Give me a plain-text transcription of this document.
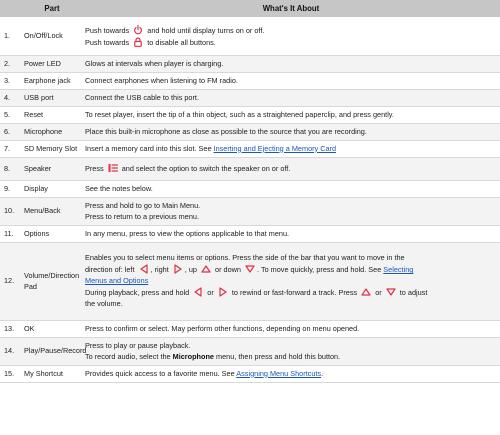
	Part	What's It About
1.	On/Off/Lock	Push towards  and hold until display turns on or off.
Push towards  to disable all buttons.

2.	Power LED	Glows at intervals when player is charging.

3.	Earphone jack	Connect earphones when listening to FM radio.

4.	USB port	Connect the USB cable to this port.

5.	Reset	To reset player, insert the tip of a thin object, such as a straightened paperclip, and press gently.

6.	Microphone	Place this built-in microphone as close as possible to the source that you are recording.

7.	SD Memory Slot	Insert a memory card into this slot. See Inserting and Ejecting a Memory Card

8.	Speaker	Press  and select the option to switch the speaker on or off.

9.	Display	See the notes below.

10.	Menu/Back	Press and hold to go to Main Menu.
Press to return to a previous menu.

11.	Options	In any menu, press to view the options applicable to that menu.

12.	Volume/Direction Pad	Enables you to select menu items or options. Press the side of the bar that you want to move in the
direction of: left , right , up  or down . To move quickly, press and hold. See Selecting
Menus and Options
During playback, press and hold  or  to rewind or fast-forward a track. Press  or  to adjust
the volume.

13.	OK	Press to confirm or select. May perform other functions, depending on menu opened.

14.	Play/Pause/Record	Press to play or pause playback.
To record audio, select the Microphone menu, then press and hold this button.

15.	My Shortcut	Provides quick access to a favorite menu. See Assigning Menu Shortcuts.
